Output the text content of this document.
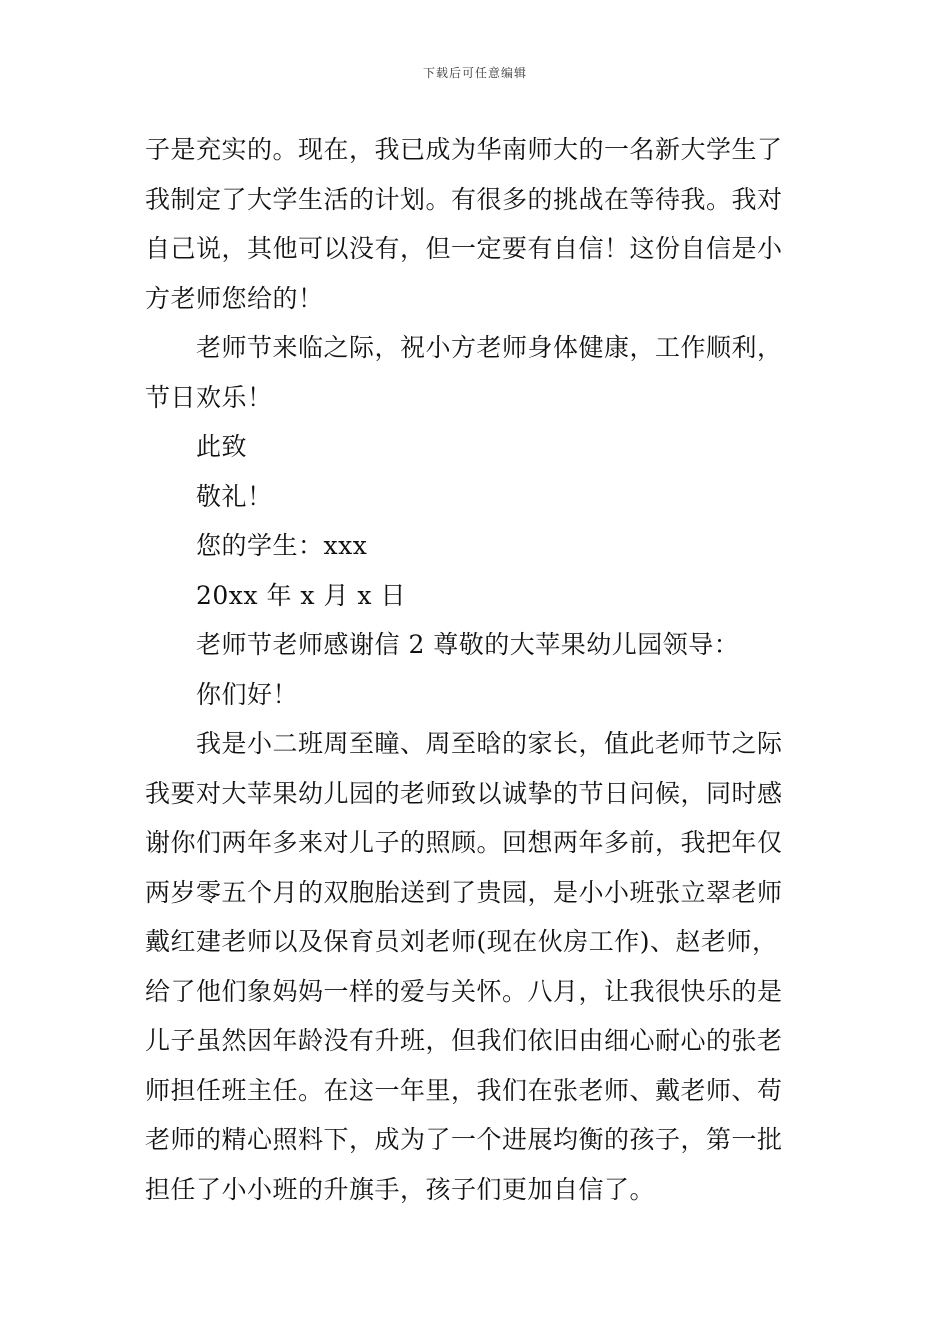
下载后可任意编辑
子是充实的。现在，我已成为华南师大的一名新大学生了
我制定了大学生活的计划。有很多的挑战在等待我。我对
自己说，其他可以没有，但一定要有自信！这份自信是小
方老师您给的！
老师节来临之际，祝小方老师身体健康，工作顺利，
节日欢乐！
此致
敬礼！
您的学生：xxx
20xx 年 x 月 x 日
老师节老师感谢信 2 尊敬的大苹果幼儿园领导：
你们好！
我是小二班周至瞳、周至晗的家长，值此老师节之际
我要对大苹果幼儿园的老师致以诚挚的节日问候，同时感
谢你们两年多来对儿子的照顾。回想两年多前，我把年仅
两岁零五个月的双胞胎送到了贵园，是小小班张立翠老师
戴红建老师以及保育员刘老师(现在伙房工作)、赵老师，
给了他们象妈妈一样的爱与关怀。八月，让我很快乐的是
儿子虽然因年龄没有升班，但我们依旧由细心耐心的张老
师担任班主任。在这一年里，我们在张老师、戴老师、苟
老师的精心照料下，成为了一个进展均衡的孩子，第一批
担任了小小班的升旗手，孩子们更加自信了。
